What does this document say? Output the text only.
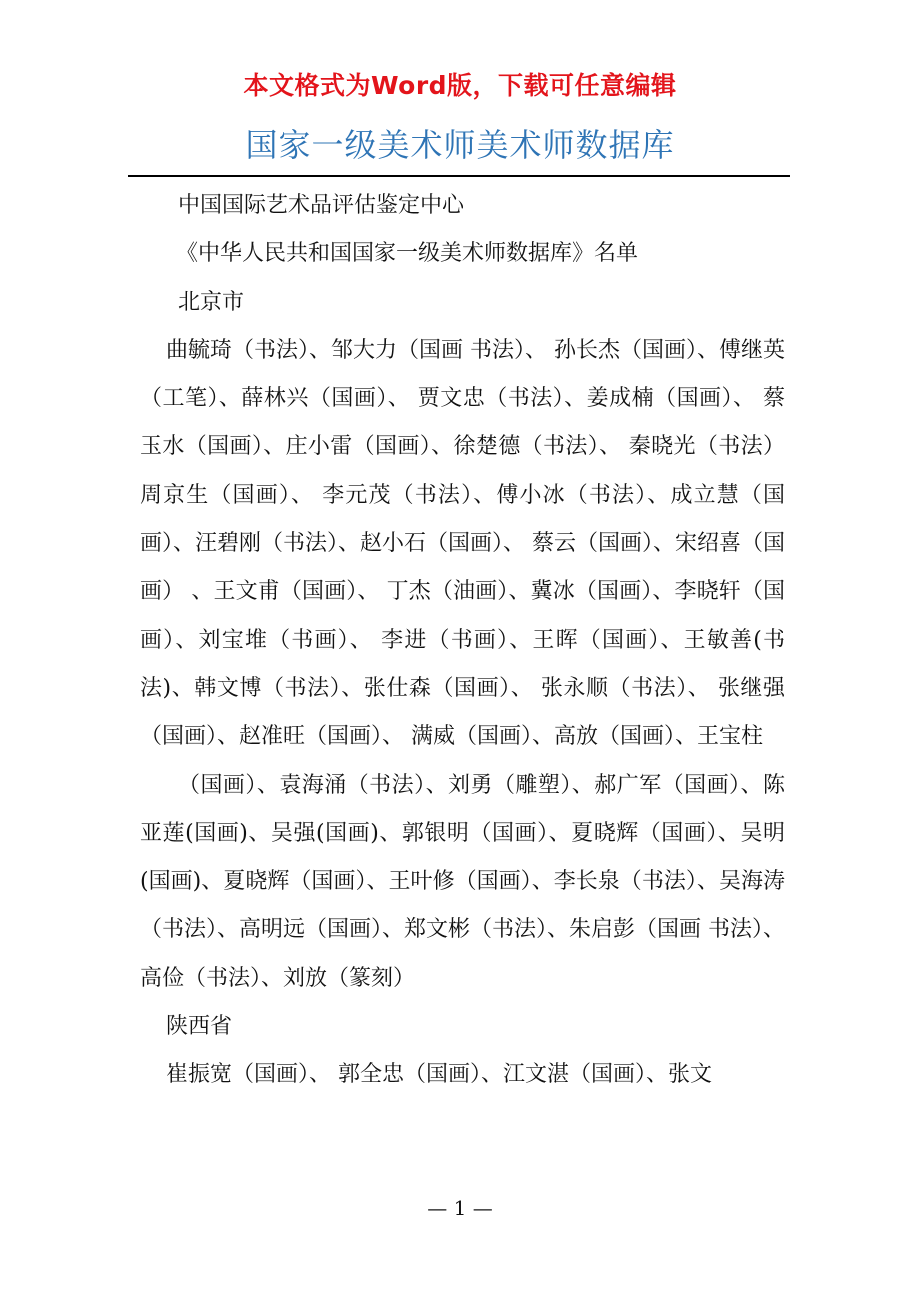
本文格式为Word版，下载可任意编辑
国家一级美术师美术师数据库

中国国际艺术品评估鉴定中心

《中华人民共和国国家一级美术师数据库》名单

北京市

曲毓琦（书法）、邹大力（国画 书法）、 孙长杰（国画）、傅继英（工笔）、薛林兴（国画）、 贾文忠（书法）、姜成楠（国画）、 蔡玉水（国画）、庄小雷（国画）、徐楚德（书法）、 秦晓光（书法）周京生（国画）、 李元茂（书法）、傅小冰（书法）、成立慧（国画）、汪碧刚（书法）、赵小石（国画）、 蔡云（国画）、宋绍喜（国画） 、王文甫（国画）、 丁杰（油画）、冀冰（国画）、李晓轩（国画）、刘宝堆（书画）、 李进（书画）、王晖（国画）、王敏善(书法)、韩文博（书法）、张仕森（国画）、 张永顺（书法）、 张继强（国画）、赵准旺（国画）、 满威（国画）、高放（国画）、王宝柱

（国画）、袁海涌（书法）、刘勇（雕塑）、郝广军（国画）、陈亚莲(国画)、吴强(国画)、郭银明（国画）、夏晓辉（国画）、吴明(国画)、夏晓辉（国画）、王叶修（国画）、李长泉（书法）、吴海涛（书法）、高明远（国画）、郑文彬（书法）、朱启彭（国画 书法）、高俭（书法）、刘放（篆刻）

陕西省

崔振宽（国画）、 郭全忠（国画）、江文湛（国画）、张文

— 1 —
